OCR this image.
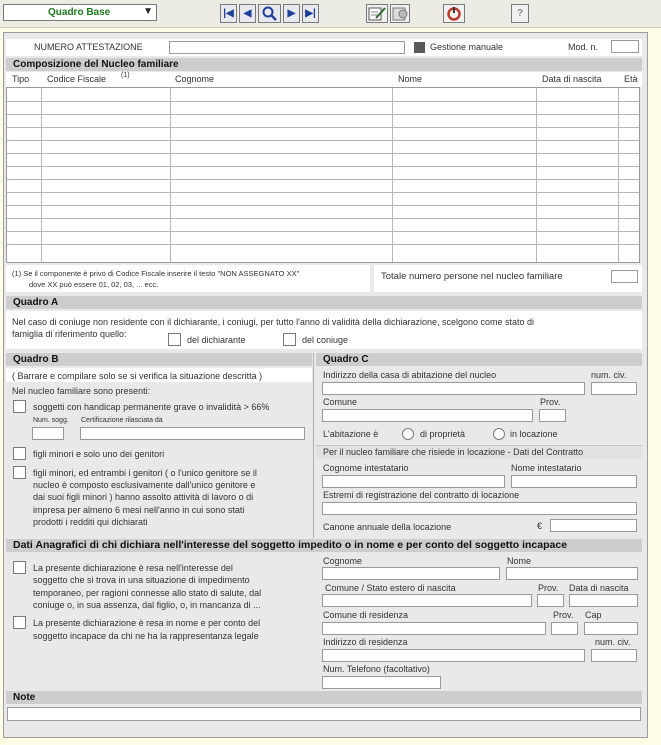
Quadro Base	▼	|◀ ◀	▶ ▶|	?
NUMERO ATTESTAZIONE	Gestione manuale	Mod. n.
Composizione del Nucleo familiare
Tipo Codice Fiscale (1)	Cognome	Nome	Data di nascita Età
(1) Se il componente è privo di Codice Fiscale inserire il testo "NON ASSEGNATO XX"
dove XX può essere 01, 02, 03, ... ecc.
Totale numero persone nel nucleo familiare
Quadro A
Nel caso di coniuge non residente con il dichiarante, i coniugi, per tutto l'anno di validità della dichiarazione, scelgono come stato di
famiglia di riferimento quello:
del dichiarante	del coniuge
Quadro B
( Barrare e compilare solo se si verifica la situazione descritta )
Nel nucleo familiare sono presenti:
soggetti con handicap permanente grave o invalidità > 66%
Num. sogg. Certificazione rilasciata da
figli minori e solo uno dei genitori
figli minori, ed entrambi i genitori ( o l'unico genitore se il
nucleo è composto esclusivamente dall'unico genitore e
dai suoi figli minori ) hanno assolto attività di lavoro o di
impresa per almeno 6 mesi nell'anno in cui sono stati
prodotti i redditi qui dichiarati
Quadro C
Indirizzo della casa di abitazione del nucleo	num. civ.
Comune	Prov.
L'abitazione è	di proprietà	in locazione
Per il nucleo familiare che risiede in locazione - Dati del Contratto
Cognome intestatario	Nome intestatario
Estremi di registrazione del contratto di locazione
Canone annuale della locazione	€
Dati Anagrafici di chi dichiara nell'interesse del soggetto impedito o in nome e per conto del soggetto incapace
La presente dichiarazione è resa nell'interesse del
soggetto che si trova in una situazione di impedimento
temporaneo, per ragioni connesse allo stato di salute, dal
coniuge o, in sua assenza, dal figlio, o, in mancanza di ...
La presente dichiarazione è resa in nome e per conto del
soggetto incapace da chi ne ha la rappresentanza legale
Cognome	Nome
Comune / Stato estero di nascita	Prov. Data di nascita
Comune di residenza	Prov. Cap
Indirizzo di residenza	num. civ.
Num. Telefono (facoltativo)
Note
